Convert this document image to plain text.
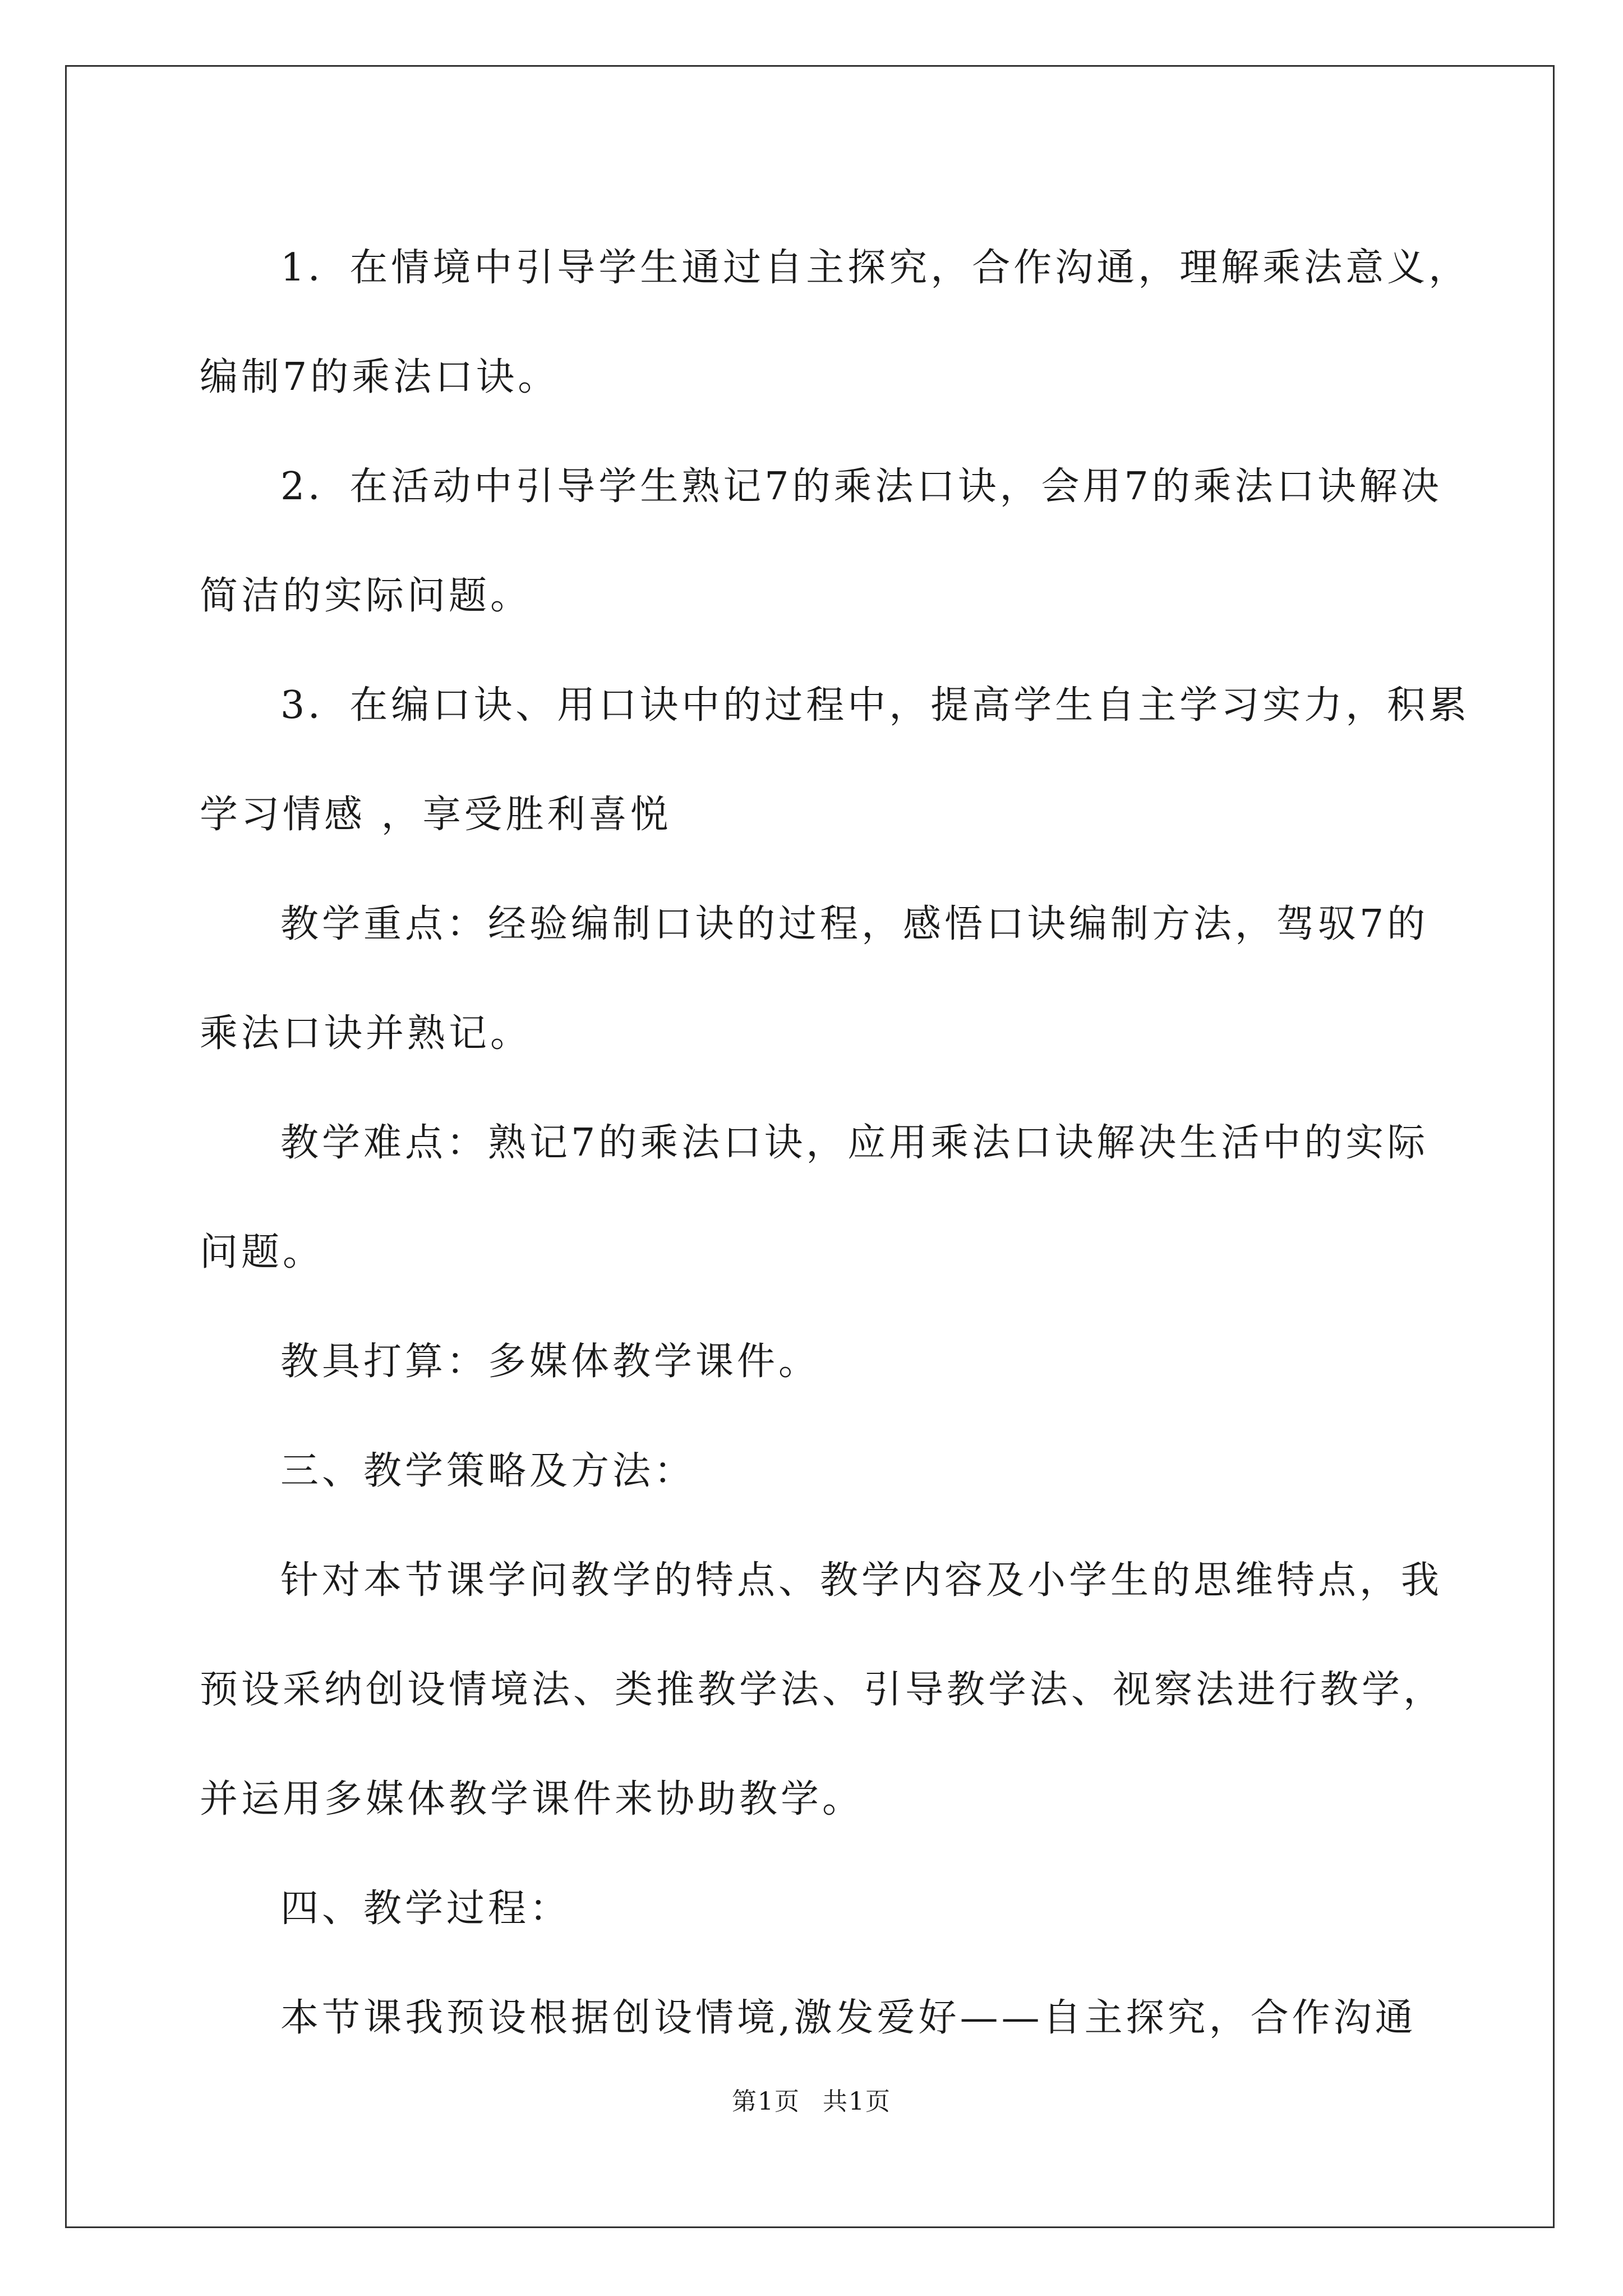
1．在情境中引导学生通过自主探究，合作沟通，理解乘法意义，
编制7的乘法口诀。

2．在活动中引导学生熟记7的乘法口诀，会用7的乘法口诀解决
简洁的实际问题。

3．在编口诀、用口诀中的过程中，提高学生自主学习实力，积累
学习情感 ，享受胜利喜悦

教学重点：经验编制口诀的过程，感悟口诀编制方法，驾驭7的
乘法口诀并熟记。

教学难点：熟记7的乘法口诀，应用乘法口诀解决生活中的实际
问题。

教具打算：多媒体教学课件。

三、教学策略及方法：

针对本节课学问教学的特点、教学内容及小学生的思维特点，我
预设采纳创设情境法、类推教学法、引导教学法、视察法进行教学，
并运用多媒体教学课件来协助教学。

四、教学过程：

本节课我预设根据创设情境,激发爱好——自主探究，合作沟通

第1页 共1页
